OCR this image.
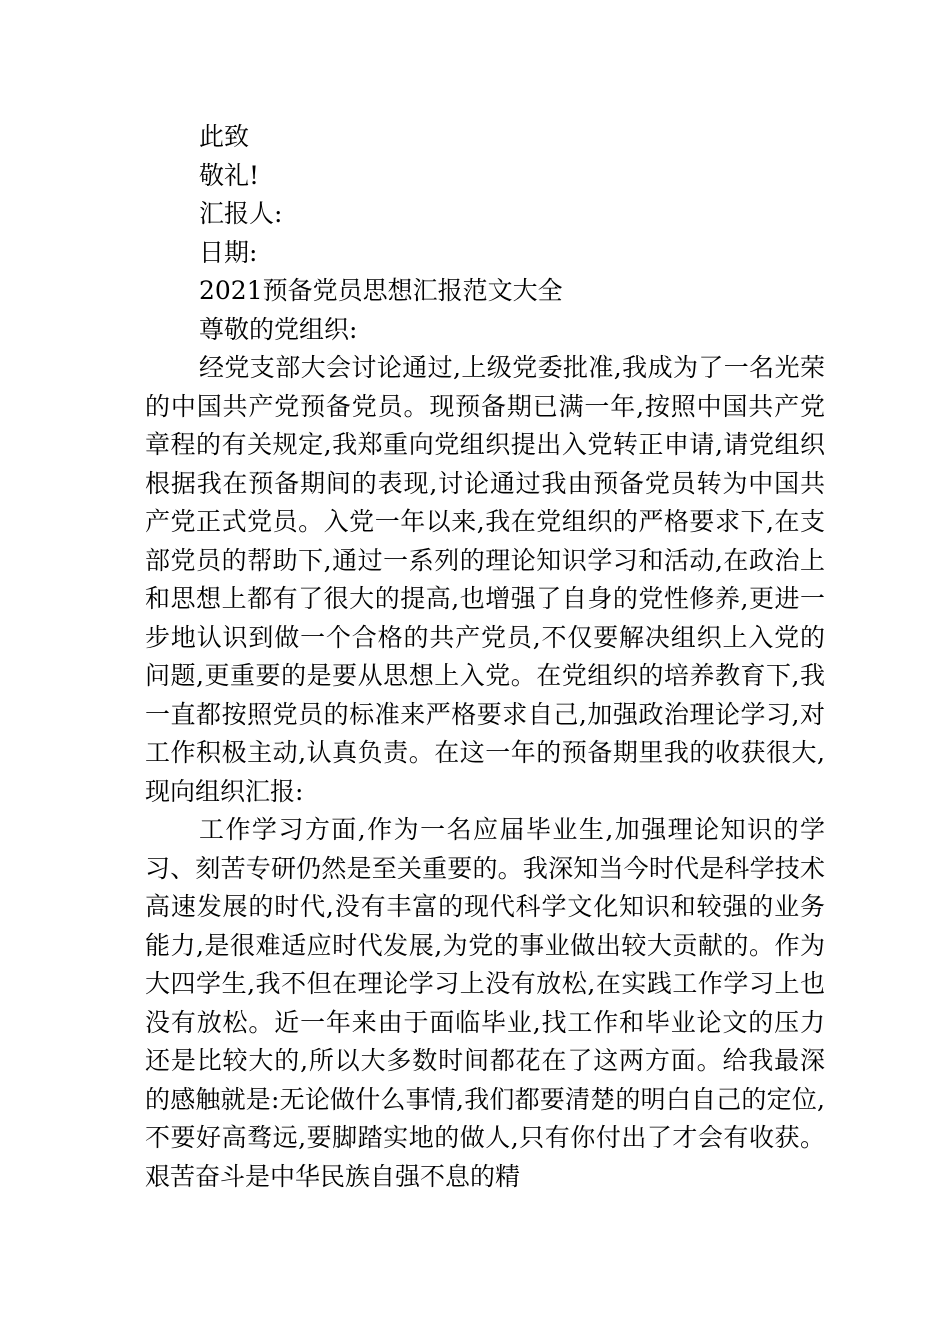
此致
敬礼!
汇报人:
日期:
2021预备党员思想汇报范文大全
尊敬的党组织:

经党支部大会讨论通过,上级党委批准,我成为了一名光荣的中国共产党预备党员。现预备期已满一年,按照中国共产党章程的有关规定,我郑重向党组织提出入党转正申请,请党组织根据我在预备期间的表现,讨论通过我由预备党员转为中国共产党正式党员。入党一年以来,我在党组织的严格要求下,在支部党员的帮助下,通过一系列的理论知识学习和活动,在政治上和思想上都有了很大的提高,也增强了自身的党性修养,更进一步地认识到做一个合格的共产党员,不仅要解决组织上入党的问题,更重要的是要从思想上入党。在党组织的培养教育下,我一直都按照党员的标准来严格要求自己,加强政治理论学习,对工作积极主动,认真负责。在这一年的预备期里我的收获很大,现向组织汇报:

工作学习方面,作为一名应届毕业生,加强理论知识的学习、刻苦专研仍然是至关重要的。我深知当今时代是科学技术高速发展的时代,没有丰富的现代科学文化知识和较强的业务能力,是很难适应时代发展,为党的事业做出较大贡献的。作为大四学生,我不但在理论学习上没有放松,在实践工作学习上也没有放松。近一年来由于面临毕业,找工作和毕业论文的压力还是比较大的,所以大多数时间都花在了这两方面。给我最深的感触就是:无论做什么事情,我们都要清楚的明白自己的定位,不要好高骛远,要脚踏实地的做人,只有你付出了才会有收获。艰苦奋斗是中华民族自强不息的精
